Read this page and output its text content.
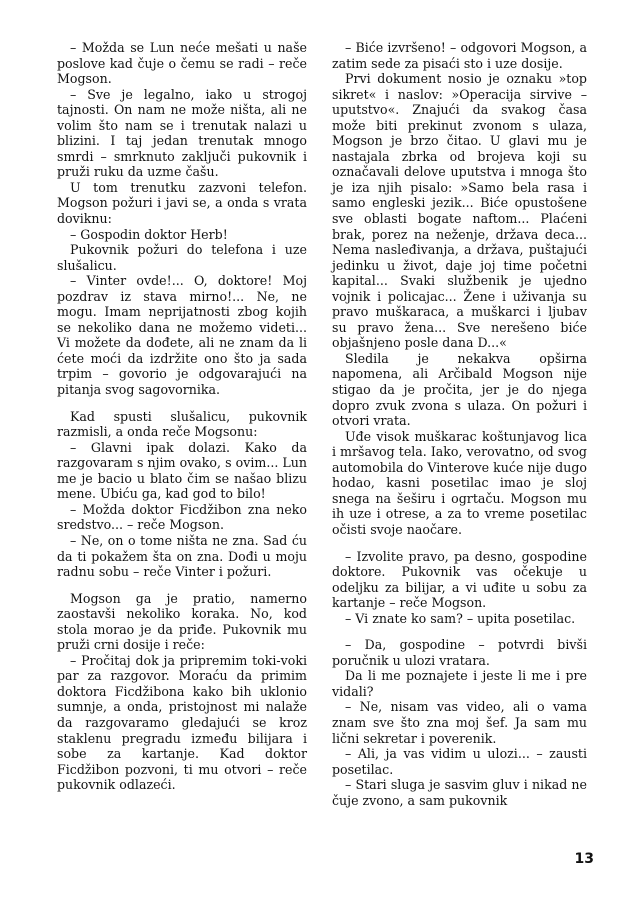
– Možda se Lun neće mešati u naše poslove kad čuje o čemu se radi – reče Mogson.

– Sve je legalno, iako u strogoj tajnosti. On nam ne može ništa, ali ne volim što nam se i trenutak nalazi u blizini. I taj jedan trenutak mnogo smrdi – smrknuto zaključi pukovnik i pruži ruku da uzme čašu.

U tom trenutku zazvoni telefon. Mogson požuri i javi se, a onda s vrata doviknu:

– Gospodin doktor Herb!

Pukovnik požuri do telefona i uze slušalicu.

– Vinter ovde!... O, doktore! Moj pozdrav iz stava mirno!... Ne, ne mogu. Imam neprijatnosti zbog kojih se nekoliko dana ne možemo videti... Vi možete da dođete, ali ne znam da li ćete moći da izdržite ono što ja sada trpim – govorio je odgovarajući na pitanja svog sagovornika.

Kad spusti slušalicu, pukovnik razmisli, a onda reče Mogsonu:

– Glavni ipak dolazi. Kako da razgovaram s njim ovako, s ovim... Lun me je bacio u blato čim se našao blizu mene. Ubiću ga, kad god to bilo!

– Možda doktor Ficdžibon zna neko sredstvo... – reče Mogson.

– Ne, on o tome ništa ne zna. Sad ću da ti pokažem šta on zna. Dođi u moju radnu sobu – reče Vinter i požuri.

Mogson ga je pratio, namerno zaostavši nekoliko koraka. No, kod stola morao je da priđe. Pukovnik mu pruži crni dosije i reče:

– Pročitaj dok ja pripremim toki-voki par za razgovor. Moraću da primim doktora Ficdžibona kako bih uklonio sumnje, a onda, pristojnost mi nalaže da razgovaramo gledajući se kroz staklenu pregradu između bilijara i sobe za kartanje. Kad doktor Ficdžibon pozvoni, ti mu otvori – reče pukovnik odlazeći.

– Biće izvršeno! – odgovori Mogson, a zatim sede za pisaći sto i uze dosije.

Prvi dokument nosio je oznaku »top sikret« i naslov: »Operacija sirvive – uputstvo«. Znajući da svakog časa može biti prekinut zvonom s ulaza, Mogson je brzo čitao. U glavi mu je nastajala zbrka od brojeva koji su označavali delove uputstva i mnoga što je iza njih pisalo: »Samo bela rasa i samo engleski jezik... Biće opustošene sve oblasti bogate naftom... Plaćeni brak, porez na neženje, država deca... Nema nasleđivanja, a država, puštajući jedinku u život, daje joj time početni kapital... Svaki službenik je ujedno vojnik i policajac... Žene i uživanja su pravo muškaraca, a muškarci i ljubav su pravo žena... Sve nerešeno biće objašnjeno posle dana D...«

Sledila je nekakva opširna napomena, ali Arčibald Mogson nije stigao da je pročita, jer je do njega dopro zvuk zvona s ulaza. On požuri i otvori vrata.

Uđe visok muškarac koštunjavog lica i mršavog tela. Iako, verovatno, od svog automobila do Vinterove kuće nije dugo hodao, kasni posetilac imao je sloj snega na šeširu i ogrtaču. Mogson mu ih uze i otrese, a za to vreme posetilac očisti svoje naočare.

– Izvolite pravo, pa desno, gospodine doktore. Pukovnik vas očekuje u odeljku za bilijar, a vi uđite u sobu za kartanje – reče Mogson.

– Vi znate ko sam? – upita posetilac.

– Da, gospodine – potvrdi bivši poručnik u ulozi vratara.

Da li me poznajete i jeste li me i pre vidali?

– Ne, nisam vas video, ali o vama znam sve što zna moj šef. Ja sam mu lični sekretar i poverenik.

– Ali, ja vas vidim u ulozi... – zausti posetilac.

– Stari sluga je sasvim gluv i nikad ne čuje zvono, a sam pukovnik

13
